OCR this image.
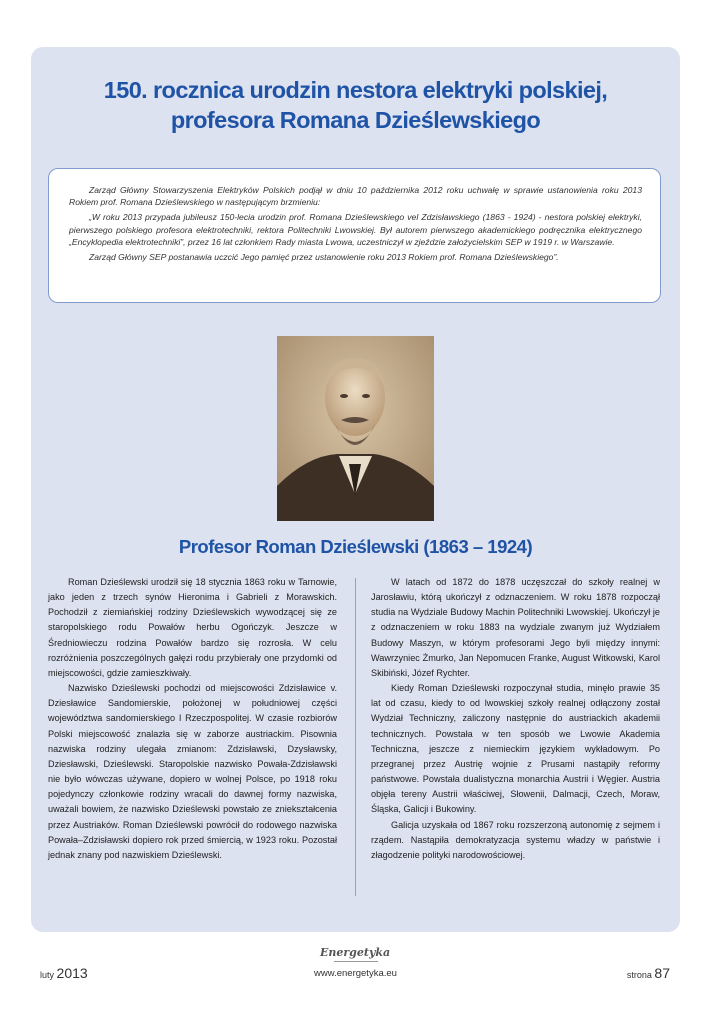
150. rocznica urodzin nestora elektryki polskiej,
profesora Romana Dzieślewskiego

Zarząd Główny Stowarzyszenia Elektryków Polskich podjął w dniu 10 października 2012 roku uchwałę w sprawie ustanowienia roku 2013 Rokiem prof. Romana Dzieślewskiego w następującym brzmieniu:

„W roku 2013 przypada jubileusz 150-lecia urodzin prof. Romana Dzieślewskiego vel Zdzisławskiego (1863 - 1924) - nestora polskiej elektryki, pierwszego polskiego profesora elektrotechniki, rektora Politechniki Lwowskiej. Był autorem pierwszego akademickiego podręcznika elektrycznego „Encyklopedia elektrotechniki”, przez 16 lat członkiem Rady miasta Lwowa, uczestniczył w zjeździe założycielskim SEP w 1919 r. w Warszawie.

Zarząd Główny SEP postanawia uczcić Jego pamięć przez ustanowienie roku 2013 Rokiem prof. Romana Dzieślewskiego”.

Profesor Roman Dzieślewski (1863 – 1924)

Roman Dzieślewski urodził się 18 stycznia 1863 roku w Tarnowie, jako jeden z trzech synów Hieronima i Gabrieli z Morawskich. Pochodził z ziemiańskiej rodziny Dzieślewskich wywodzącej się ze staropolskiego rodu Powałów herbu Ogończyk. Jeszcze w Średniowieczu rodzina Powałów bardzo się rozrosła. W celu rozróżnienia poszczególnych gałęzi rodu przybierały one przydomki od miejscowości, gdzie zamieszkiwały.

Nazwisko Dzieślewski pochodzi od miejscowości Zdzisławice v. Dziesławice Sandomierskie, położonej w południowej części województwa sandomierskiego I Rzeczpospolitej. W czasie rozbiorów Polski miejscowość znalazła się w zaborze austriackim. Pisownia nazwiska rodziny ulegała zmianom: Zdzisławski, Dzysławsky, Dziesławski, Dzieślewski. Staropolskie nazwisko Powała-Zdzisławski nie było wówczas używane, dopiero w wolnej Polsce, po 1918 roku pojedynczy członkowie rodziny wracali do dawnej formy nazwiska, uważali bowiem, że nazwisko Dzieślewski powstało ze zniekształcenia przez Austriaków. Roman Dzieślewski powrócił do rodowego nazwiska Powała–Zdzisławski dopiero rok przed śmiercią, w 1923 roku. Pozostał jednak znany pod nazwiskiem Dzieślewski.

W latach od 1872 do 1878 uczęszczał do szkoły realnej w Jarosławiu, którą ukończył z odznaczeniem. W roku 1878 rozpoczął studia na Wydziale Budowy Machin Politechniki Lwowskiej. Ukończył je z odznaczeniem w roku 1883 na wydziale zwanym już Wydziałem Budowy Maszyn, w którym profesorami Jego byli między innymi: Wawrzyniec Żmurko, Jan Nepomucen Franke, August Witkowski, Karol Skibiński, Józef Rychter.

Kiedy Roman Dzieślewski rozpoczynał studia, minęło prawie 35 lat od czasu, kiedy to od lwowskiej szkoły realnej odłączony został Wydział Techniczny, zaliczony następnie do austriackich akademii technicznych. Powstała w ten sposób we Lwowie Akademia Techniczna, jeszcze z niemieckim językiem wykładowym. Po przegranej przez Austrię wojnie z Prusami nastąpiły reformy państwowe. Powstała dualistyczna monarchia Austrii i Węgier. Austria objęła tereny Austrii właściwej, Słowenii, Dalmacji, Czech, Moraw, Śląska, Galicji i Bukowiny.

Galicja uzyskała od 1867 roku rozszerzoną autonomię z sejmem i rządem. Nastąpiła demokratyzacja systemu władzy w państwie i złagodzenie polityki narodowościowej.

Energetyka
luty 2013	www.energetyka.eu	strona 87
